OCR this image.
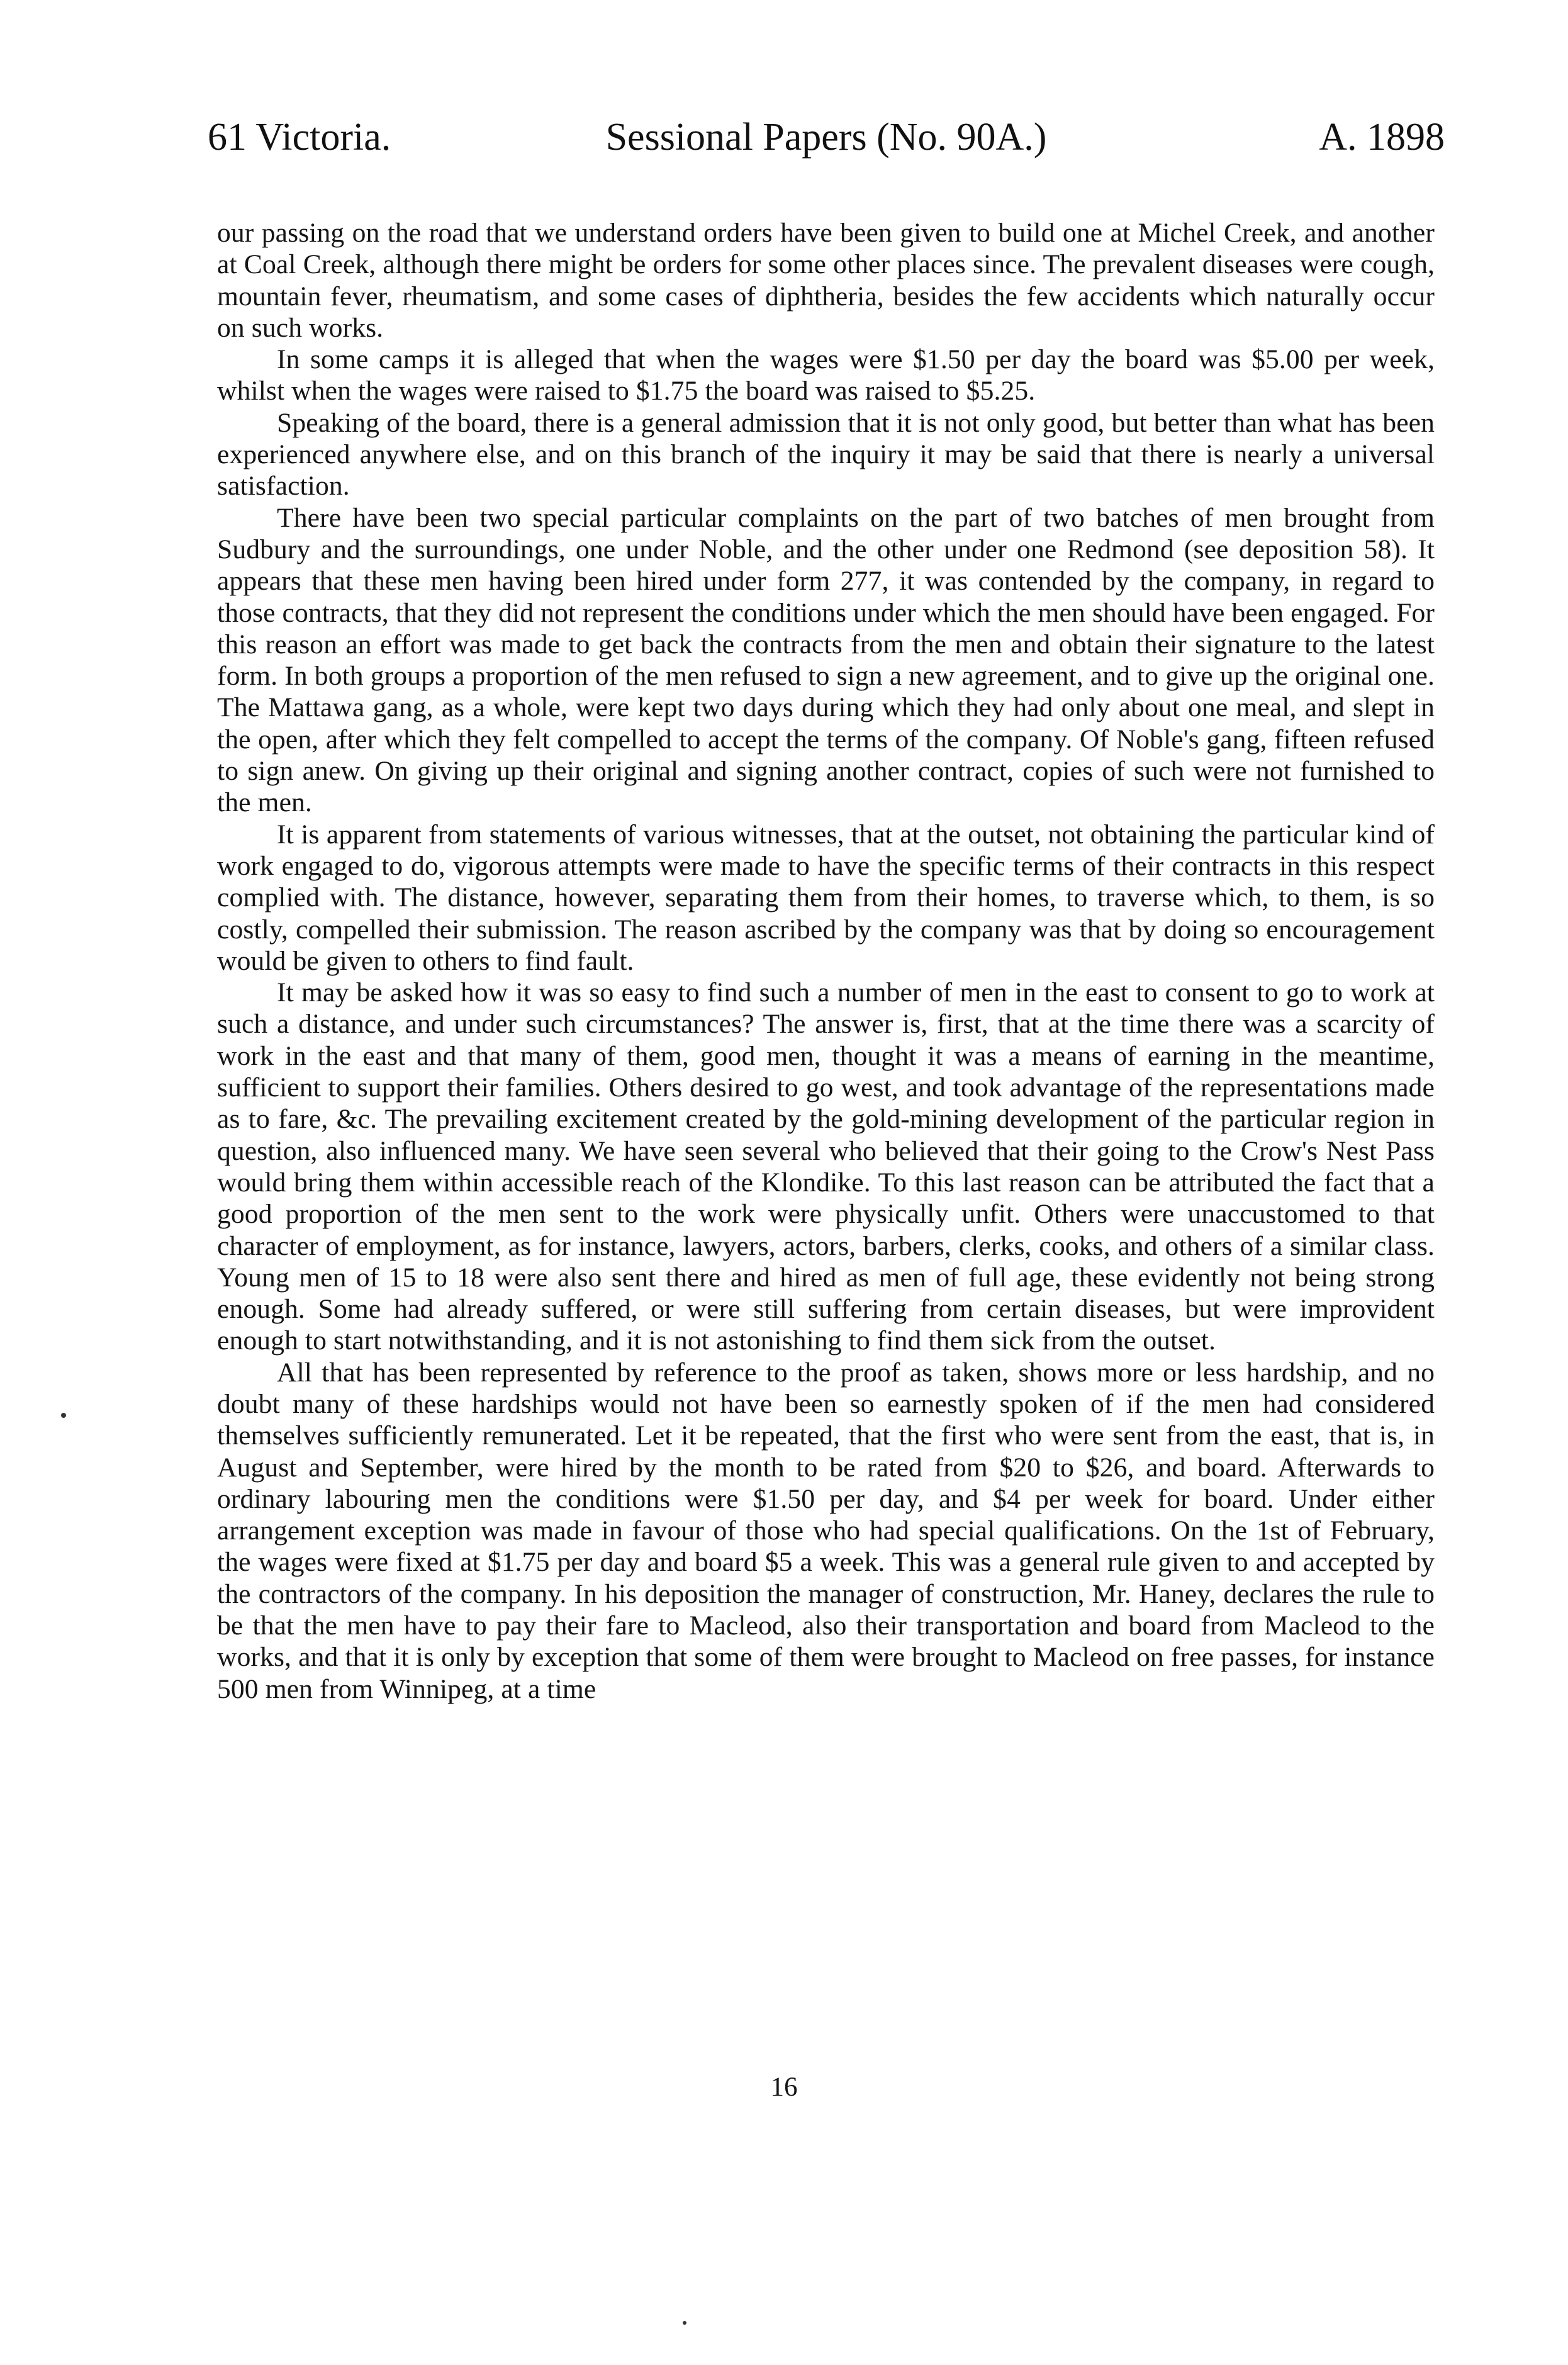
61 Victoria.	Sessional Papers (No. 90A.)	A. 1898

our passing on the road that we understand orders have been given to build one at Michel Creek, and another at Coal Creek, although there might be orders for some other places since. The prevalent diseases were cough, mountain fever, rheumatism, and some cases of diphtheria, besides the few accidents which naturally occur on such works.

In some camps it is alleged that when the wages were $1.50 per day the board was $5.00 per week, whilst when the wages were raised to $1.75 the board was raised to $5.25.

Speaking of the board, there is a general admission that it is not only good, but better than what has been experienced anywhere else, and on this branch of the inquiry it may be said that there is nearly a universal satisfaction.

There have been two special particular complaints on the part of two batches of men brought from Sudbury and the surroundings, one under Noble, and the other under one Redmond (see deposition 58). It appears that these men having been hired under form 277, it was contended by the company, in regard to those contracts, that they did not represent the conditions under which the men should have been engaged. For this reason an effort was made to get back the contracts from the men and obtain their signature to the latest form. In both groups a proportion of the men refused to sign a new agreement, and to give up the original one. The Mattawa gang, as a whole, were kept two days during which they had only about one meal, and slept in the open, after which they felt compelled to accept the terms of the company. Of Noble's gang, fifteen refused to sign anew. On giving up their original and signing another contract, copies of such were not furnished to the men.

It is apparent from statements of various witnesses, that at the outset, not obtaining the particular kind of work engaged to do, vigorous attempts were made to have the specific terms of their contracts in this respect complied with. The distance, however, separating them from their homes, to traverse which, to them, is so costly, compelled their submission. The reason ascribed by the company was that by doing so encouragement would be given to others to find fault.

It may be asked how it was so easy to find such a number of men in the east to consent to go to work at such a distance, and under such circumstances? The answer is, first, that at the time there was a scarcity of work in the east and that many of them, good men, thought it was a means of earning in the meantime, sufficient to support their families. Others desired to go west, and took advantage of the representations made as to fare, &c. The prevailing excitement created by the gold-mining development of the particular region in question, also influenced many. We have seen several who believed that their going to the Crow's Nest Pass would bring them within accessible reach of the Klondike. To this last reason can be attributed the fact that a good proportion of the men sent to the work were physically unfit. Others were unaccustomed to that character of employment, as for instance, lawyers, actors, barbers, clerks, cooks, and others of a similar class. Young men of 15 to 18 were also sent there and hired as men of full age, these evidently not being strong enough. Some had already suffered, or were still suffering from certain diseases, but were improvident enough to start notwithstanding, and it is not astonishing to find them sick from the outset.

All that has been represented by reference to the proof as taken, shows more or less hardship, and no doubt many of these hardships would not have been so earnestly spoken of if the men had considered themselves sufficiently remunerated. Let it be repeated, that the first who were sent from the east, that is, in August and September, were hired by the month to be rated from $20 to $26, and board. Afterwards to ordinary labouring men the conditions were $1.50 per day, and $4 per week for board. Under either arrangement exception was made in favour of those who had special qualifications. On the 1st of February, the wages were fixed at $1.75 per day and board $5 a week. This was a general rule given to and accepted by the contractors of the company. In his deposition the manager of construction, Mr. Haney, declares the rule to be that the men have to pay their fare to Macleod, also their transportation and board from Macleod to the works, and that it is only by exception that some of them were brought to Macleod on free passes, for instance 500 men from Winnipeg, at a time

16
